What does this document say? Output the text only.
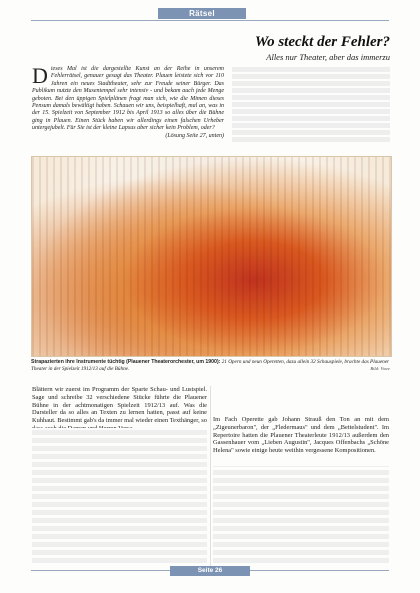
Rätsel
Wo steckt der Fehler?
Alles nur Theater, aber das immerzu
Dieses Mal ist die dargestellte Kunst an der Reihe in unserem Fehlerrätsel, genauer gesagt das Theater. Plauen leistete sich vor 110 Jahren ein neues Stadttheater, sehr zur Freude seiner Bürger. Das Publikum nutzte den Musentempel sehr intensiv - und bekam auch jede Menge geboten. Bei den üppigen Spielplänen fragt man sich, wie die Mimen dieses Pensum damals bewältigt haben. Schauen wir uns, beispielhaft, mal an, was in der 15. Spielzeit von September 1912 bis April 1913 so alles über die Bühne ging in Plauen. Einen Stück haben wir allerdings einen falschen Urheber untergejubelt. Für Sie ist der kleine Lapsus aber sicher kein Problem, oder?
(Lösung Seite 27, unten)
Strapazierten ihre Instrumente tüchtig (Plauener Theaterorchester, um 1900): 21 Opern und neun Operetten, dazu allein 32 Schauspiele, brachte das Plauener Theater in der Spielzeit 1912/13 auf die Bühne.	Bild: Vowe
Blättern wir zuerst im Programm der Sparte Schau- und Lustspiel. Sage und schreibe 32 verschiedene Stücke führte die Plauener Bühne in der achtmonatigen Spielzeit 1912/13 auf. Was die Darsteller da so alles an Texten zu lernen hatten, passt auf keine Kuhhaut. Bestimmt gab's da immer mal wieder einen Texthänger, so Im Fach Operette gab Johann Strauß den Ton an mit dem „Zigeunerbaron", der „Fledermaus" und dem „Bettelstudent". Im Repertoire hatten die Plauener Theaterleute 1912/13 außerdem den Gassenhauer vom „Lieben Augustin", Jacques Offenbachs „Schöne Helena" sowie einige heute weithin vergessene Kompositionen.
Seite 26
